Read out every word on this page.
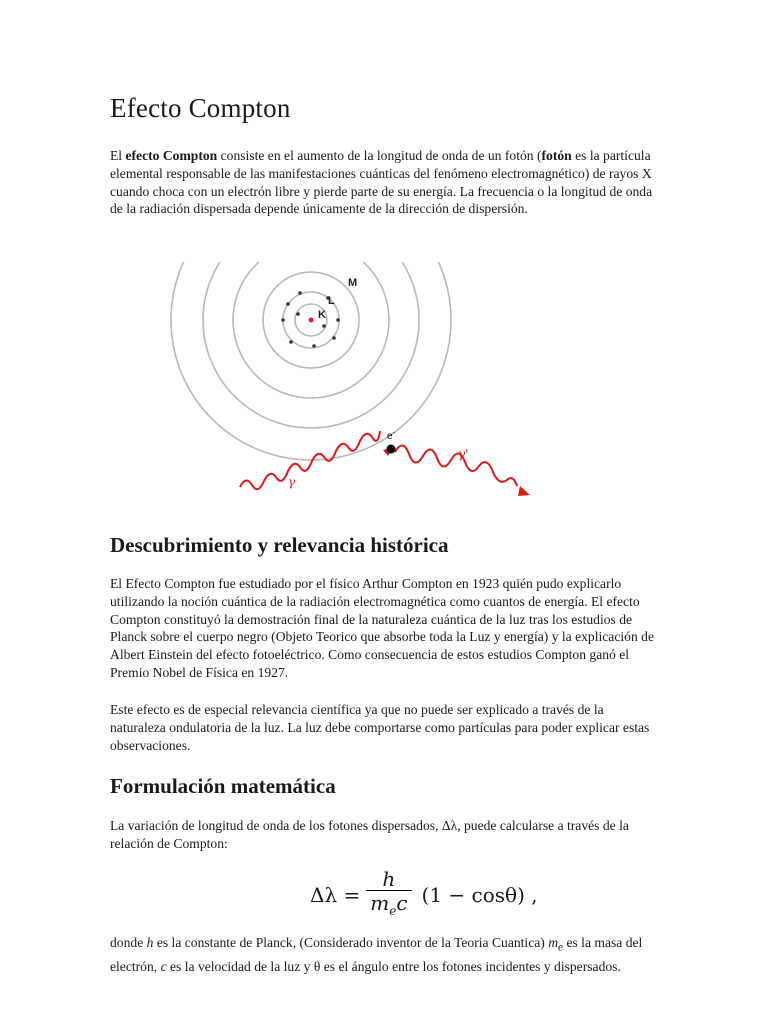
Efecto Compton

El efecto Compton consiste en el aumento de la longitud de onda de un fotón (fotón es la partícula elemental responsable de las manifestaciones cuánticas del fenómeno electromagnético) de rayos X cuando choca con un electrón libre y pierde parte de su energía. La frecuencia o la longitud de onda de la radiación dispersada depende únicamente de la dirección de dispersión.

Descubrimiento y relevancia histórica

El Efecto Compton fue estudiado por el físico Arthur Compton en 1923 quién pudo explicarlo utilizando la noción cuántica de la radiación electromagnética como cuantos de energía. El efecto Compton constituyó la demostración final de la naturaleza cuántica de la luz tras los estudios de Planck sobre el cuerpo negro (Objeto Teorico que absorbe toda la Luz y energía) y la explicación de Albert Einstein del efecto fotoeléctrico. Como consecuencia de estos estudios Compton ganó el Premio Nobel de Física en 1927.

Este efecto es de especial relevancia científica ya que no puede ser explicado a través de la naturaleza ondulatoria de la luz. La luz debe comportarse como partículas para poder explicar estas observaciones.

Formulación matemática

La variación de longitud de onda de los fotones dispersados, Δλ, puede calcularse a través de la relación de Compton:

donde h es la constante de Planck, (Considerado inventor de la Teoria Cuantica) $m_e$ es la masa del electrón, c es la velocidad de la luz y θ es el ángulo entre los fotones incidentes y dispersados.

$\Delta\lambda = \frac{h}{m_ec} (1 - \cos\theta)$ ,
M
L
K
e-
γ
γ'
